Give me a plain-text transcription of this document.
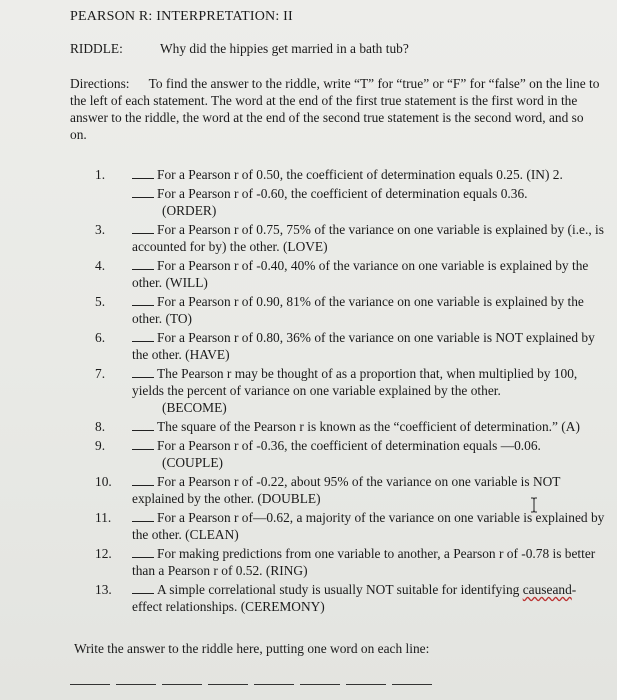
PEARSON R: INTERPRETATION: II
RIDDLE:	Why did the hippies get married in a bath tub?
Directions: To find the answer to the riddle, write “T” for “true” or “F” for “false” on the line to the left of each statement. The word at the end of the first true statement is the first word in the answer to the riddle, the word at the end of the second true statement is the second word, and so on.
1.	For a Pearson r of 0.50, the coefficient of determination equals 0.25. (IN) 2.
For a Pearson r of -0.60, the coefficient of determination equals 0.36.
(ORDER)
3.	For a Pearson r of 0.75, 75% of the variance on one variable is explained by (i.e., is accounted for by) the other. (LOVE)
4.	For a Pearson r of -0.40, 40% of the variance on one variable is explained by the other. (WILL)
5.	For a Pearson r of 0.90, 81% of the variance on one variable is explained by the other. (TO)
6.	For a Pearson r of 0.80, 36% of the variance on one variable is NOT explained by the other. (HAVE)
7.	The Pearson r may be thought of as a proportion that, when multiplied by 100, yields the percent of variance on one variable explained by the other.
(BECOME)
8.	The square of the Pearson r is known as the “coefficient of determination.” (A)
9.	For a Pearson r of -0.36, the coefficient of determination equals —0.06.
(COUPLE)
10.	For a Pearson r of -0.22, about 95% of the variance on one variable is NOT explained by the other. (DOUBLE)
11.	For a Pearson r of—0.62, a majority of the variance on one variable is explained by the other. (CLEAN)
12.	For making predictions from one variable to another, a Pearson r of -0.78 is better than a Pearson r of 0.52. (RING)
13.	A simple correlational study is usually NOT suitable for identifying causeand-effect relationships. (CEREMONY)
Write the answer to the riddle here, putting one word on each line:
